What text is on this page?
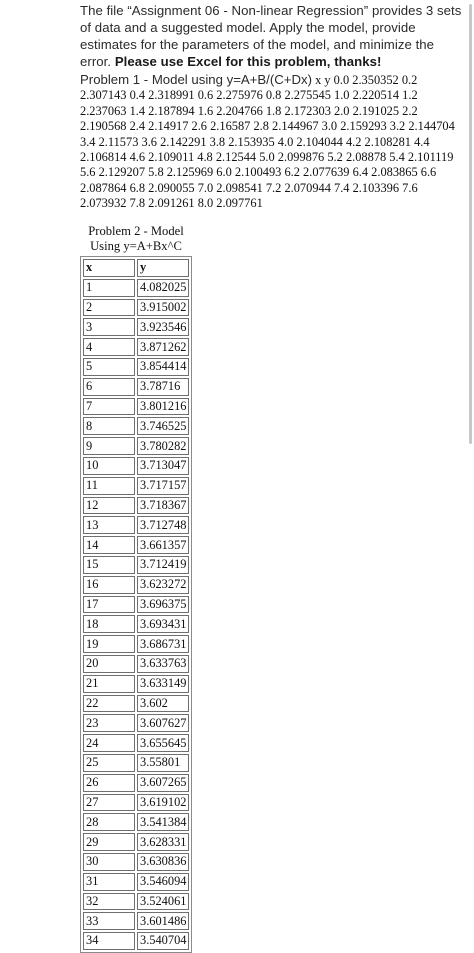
The file “Assignment 06 - Non-linear Regression” provides 3 sets of data and a suggested model. Apply the model, provide estimates for the parameters of the model, and minimize the error. Please use Excel for this problem, thanks!

Problem 1 - Model using y=A+B/(C+Dx) x y 0.0 2.350352 0.2 2.307143 0.4 2.318991 0.6 2.275976 0.8 2.275545 1.0 2.220514 1.2 2.237063 1.4 2.187894 1.6 2.204766 1.8 2.172303 2.0 2.191025 2.2 2.190568 2.4 2.14917 2.6 2.16587 2.8 2.144967 3.0 2.159293 3.2 2.144704 3.4 2.11573 3.6 2.142291 3.8 2.153935 4.0 2.104044 4.2 2.108281 4.4 2.106814 4.6 2.109011 4.8 2.12544 5.0 2.099876 5.2 2.08878 5.4 2.101119 5.6 2.129207 5.8 2.125969 6.0 2.100493 6.2 2.077639 6.4 2.083865 6.6 2.087864 6.8 2.090055 7.0 2.098541 7.2 2.070944 7.4 2.103396 7.6 2.073932 7.8 2.091261 8.0 2.097761

Problem 2 - Model
Using y=A+Bx^C
x	y
1	4.082025
2	3.915002
3	3.923546
4	3.871262
5	3.854414
6	3.78716
7	3.801216
8	3.746525
9	3.780282
10	3.713047
11	3.717157
12	3.718367
13	3.712748
14	3.661357
15	3.712419
16	3.623272
17	3.696375
18	3.693431
19	3.686731
20	3.633763
21	3.633149
22	3.602
23	3.607627
24	3.655645
25	3.55801
26	3.607265
27	3.619102
28	3.541384
29	3.628331
30	3.630836
31	3.546094
32	3.524061
33	3.601486
34	3.540704
